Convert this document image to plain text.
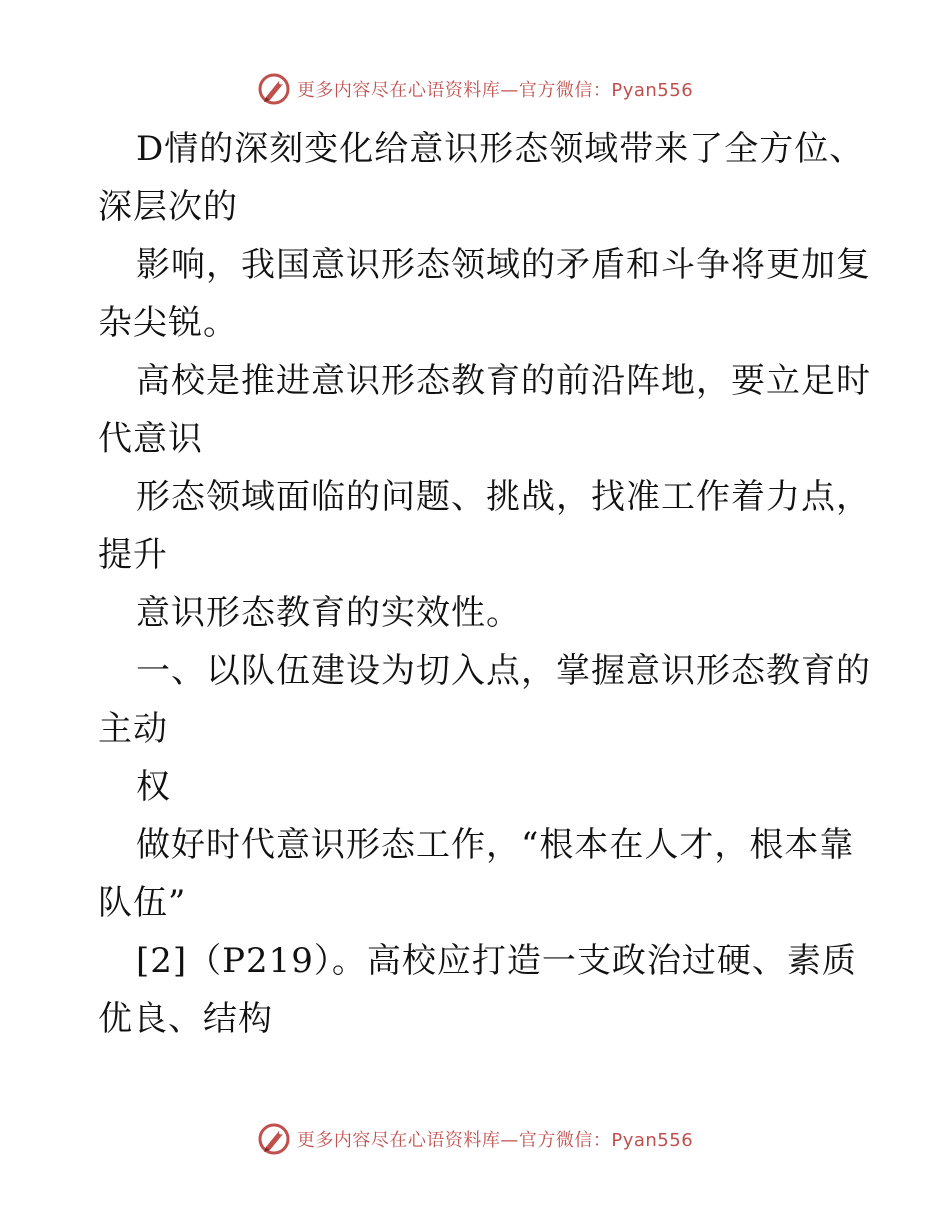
更多内容尽在心语资料库—官方微信：Pyan556
D情的深刻变化给意识形态领域带来了全方位、
深层次的
影响，我国意识形态领域的矛盾和斗争将更加复
杂尖锐。
高校是推进意识形态教育的前沿阵地，要立足时
代意识
形态领域面临的问题、挑战，找准工作着力点，
提升
意识形态教育的实效性。
一、以队伍建设为切入点，掌握意识形态教育的
主动
权
做好时代意识形态工作，“根本在人才，根本靠
队伍”
[2]（P219）。高校应打造一支政治过硬、素质
优良、结构
更多内容尽在心语资料库—官方微信：Pyan556
